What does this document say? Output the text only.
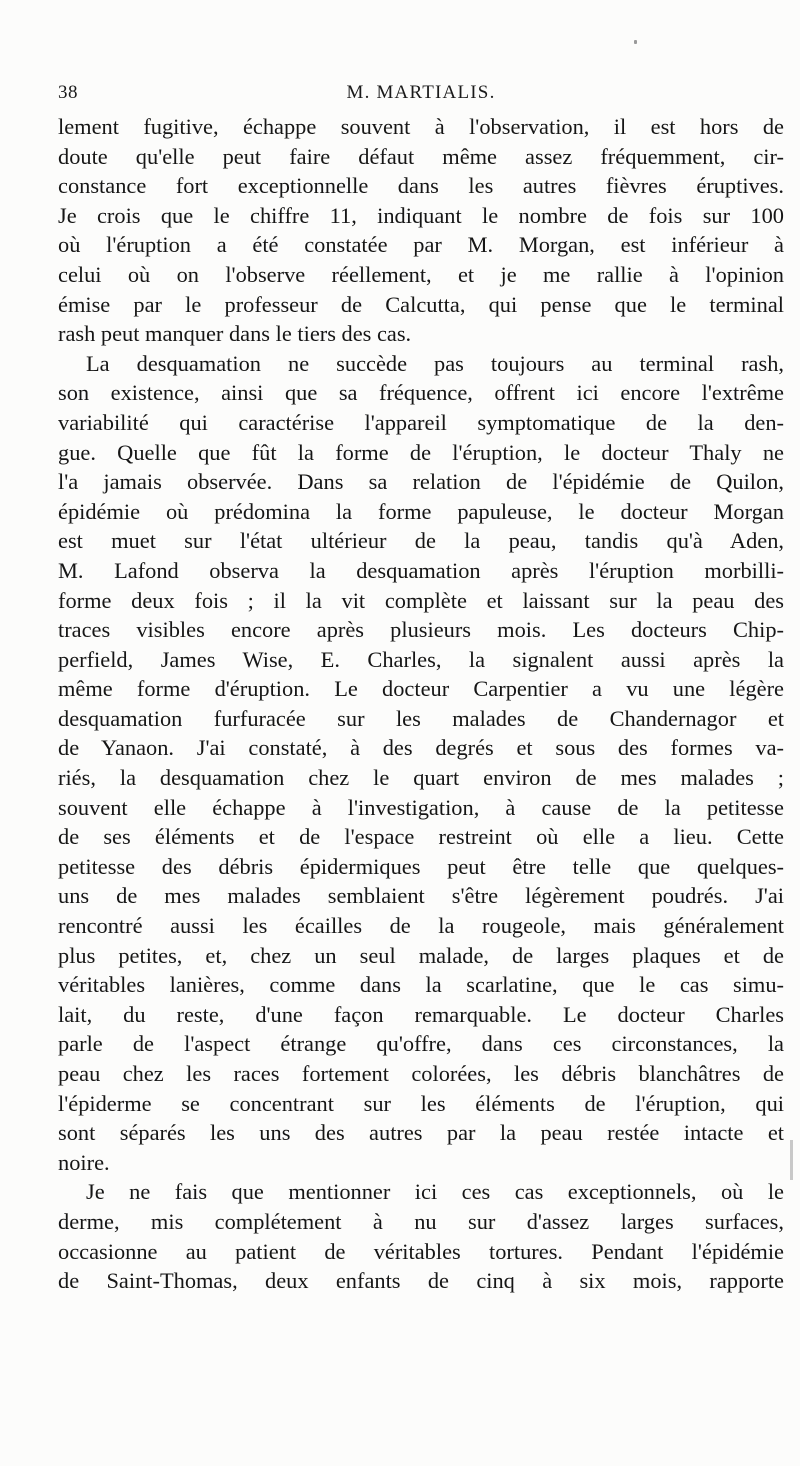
38	M. MARTIALIS.
lement fugitive, échappe souvent à l'observation, il est hors de
doute qu'elle peut faire défaut même assez fréquemment, cir-
constance fort exceptionnelle dans les autres fièvres éruptives.
Je crois que le chiffre 11, indiquant le nombre de fois sur 100
où l'éruption a été constatée par M. Morgan, est inférieur à
celui où on l'observe réellement, et je me rallie à l'opinion
émise par le professeur de Calcutta, qui pense que le terminal
rash peut manquer dans le tiers des cas.
La desquamation ne succède pas toujours au terminal rash,
son existence, ainsi que sa fréquence, offrent ici encore l'extrême
variabilité qui caractérise l'appareil symptomatique de la den-
gue. Quelle que fût la forme de l'éruption, le docteur Thaly ne
l'a jamais observée. Dans sa relation de l'épidémie de Quilon,
épidémie où prédomina la forme papuleuse, le docteur Morgan
est muet sur l'état ultérieur de la peau, tandis qu'à Aden,
M. Lafond observa la desquamation après l'éruption morbilli-
forme deux fois ; il la vit complète et laissant sur la peau des
traces visibles encore après plusieurs mois. Les docteurs Chip-
perfield, James Wise, E. Charles, la signalent aussi après la
même forme d'éruption. Le docteur Carpentier a vu une légère
desquamation furfuracée sur les malades de Chandernagor et
de Yanaon. J'ai constaté, à des degrés et sous des formes va-
riés, la desquamation chez le quart environ de mes malades ;
souvent elle échappe à l'investigation, à cause de la petitesse
de ses éléments et de l'espace restreint où elle a lieu. Cette
petitesse des débris épidermiques peut être telle que quelques-
uns de mes malades semblaient s'être légèrement poudrés. J'ai
rencontré aussi les écailles de la rougeole, mais généralement
plus petites, et, chez un seul malade, de larges plaques et de
véritables lanières, comme dans la scarlatine, que le cas simu-
lait, du reste, d'une façon remarquable. Le docteur Charles
parle de l'aspect étrange qu'offre, dans ces circonstances, la
peau chez les races fortement colorées, les débris blanchâtres de
l'épiderme se concentrant sur les éléments de l'éruption, qui
sont séparés les uns des autres par la peau restée intacte et
noire.
Je ne fais que mentionner ici ces cas exceptionnels, où le
derme, mis complétement à nu sur d'assez larges surfaces,
occasionne au patient de véritables tortures. Pendant l'épidémie
de Saint-Thomas, deux enfants de cinq à six mois, rapporte
